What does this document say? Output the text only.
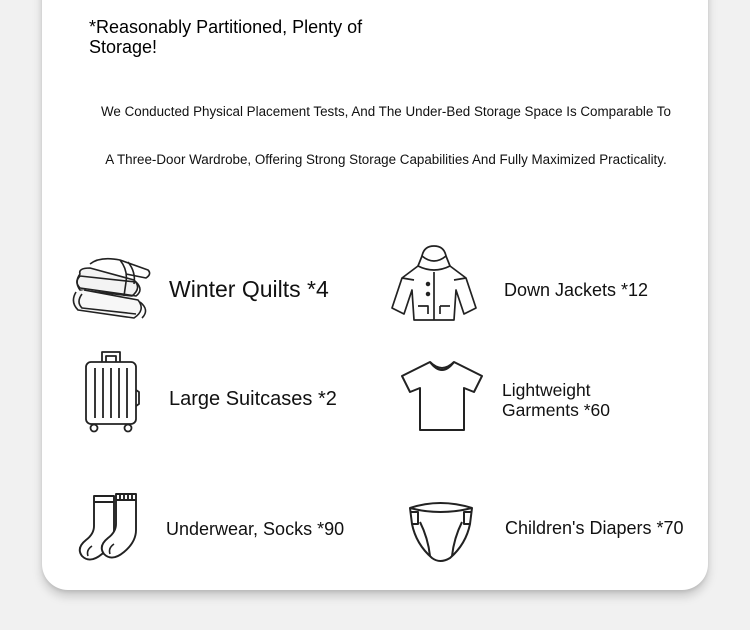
*Reasonably Partitioned, Plenty of Storage!
We Conducted Physical Placement Tests, And The Under-Bed Storage Space Is Comparable To
A Three-Door Wardrobe, Offering Strong Storage Capabilities And Fully Maximized Practicality.
Winter Quilts *4	Down Jackets *12
Large Suitcases *2	Lightweight
Garments *60
Underwear, Socks *90	Children's Diapers *70
